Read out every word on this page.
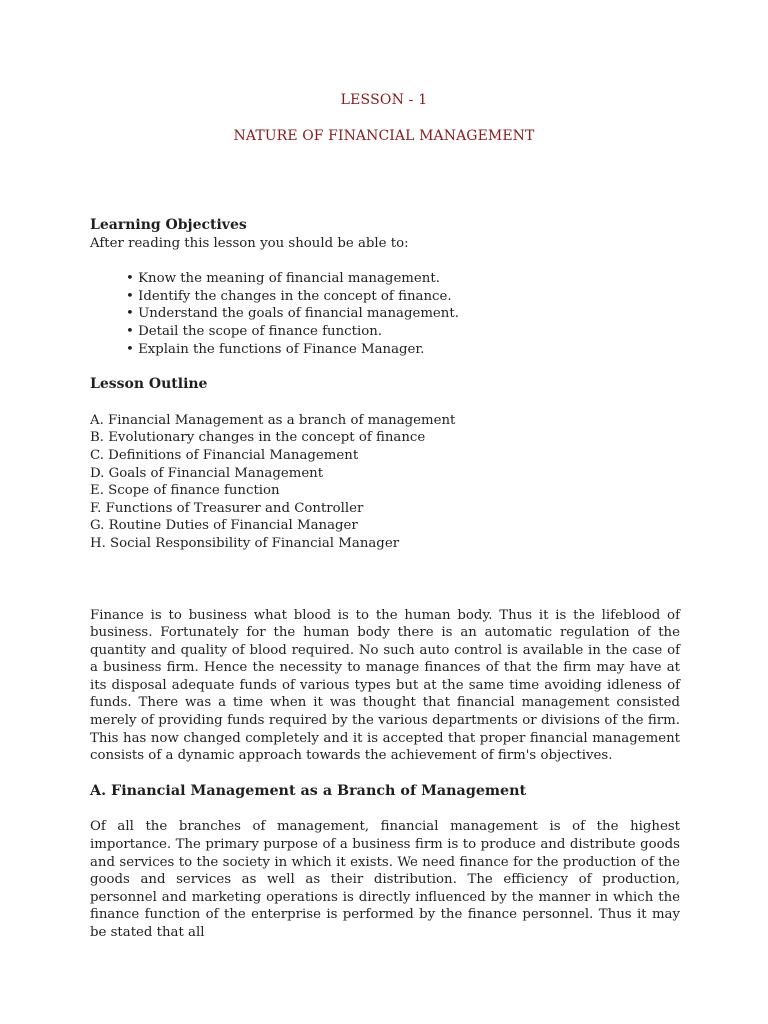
LESSON - 1
NATURE OF FINANCIAL MANAGEMENT

Learning Objectives

After reading this lesson you should be able to:

• Know the meaning of financial management.
• Identify the changes in the concept of finance.
• Understand the goals of financial management.
• Detail the scope of finance function.
• Explain the functions of Finance Manager.

Lesson Outline

A. Financial Management as a branch of management
B. Evolutionary changes in the concept of finance
C. Definitions of Financial Management
D. Goals of Financial Management
E. Scope of finance function
F. Functions of Treasurer and Controller
G. Routine Duties of Financial Manager
H. Social Responsibility of Financial Manager

Finance is to business what blood is to the human body. Thus it is the lifeblood of business. Fortunately for the human body there is an automatic regulation of the quantity and quality of blood required. No such auto control is available in the case of a business firm. Hence the necessity to manage finances of that the firm may have at its disposal adequate funds of various types but at the same time avoiding idleness of funds. There was a time when it was thought that financial management consisted merely of providing funds required by the various departments or divisions of the firm. This has now changed completely and it is accepted that proper financial management consists of a dynamic approach towards the achievement of firm's objectives.

A. Financial Management as a Branch of Management

Of all the branches of management, financial management is of the highest importance. The primary purpose of a business firm is to produce and distribute goods and services to the society in which it exists. We need finance for the production of the goods and services as well as their distribution. The efficiency of production, personnel and marketing operations is directly influenced by the manner in which the finance function of the enterprise is performed by the finance personnel. Thus it may be stated that all
